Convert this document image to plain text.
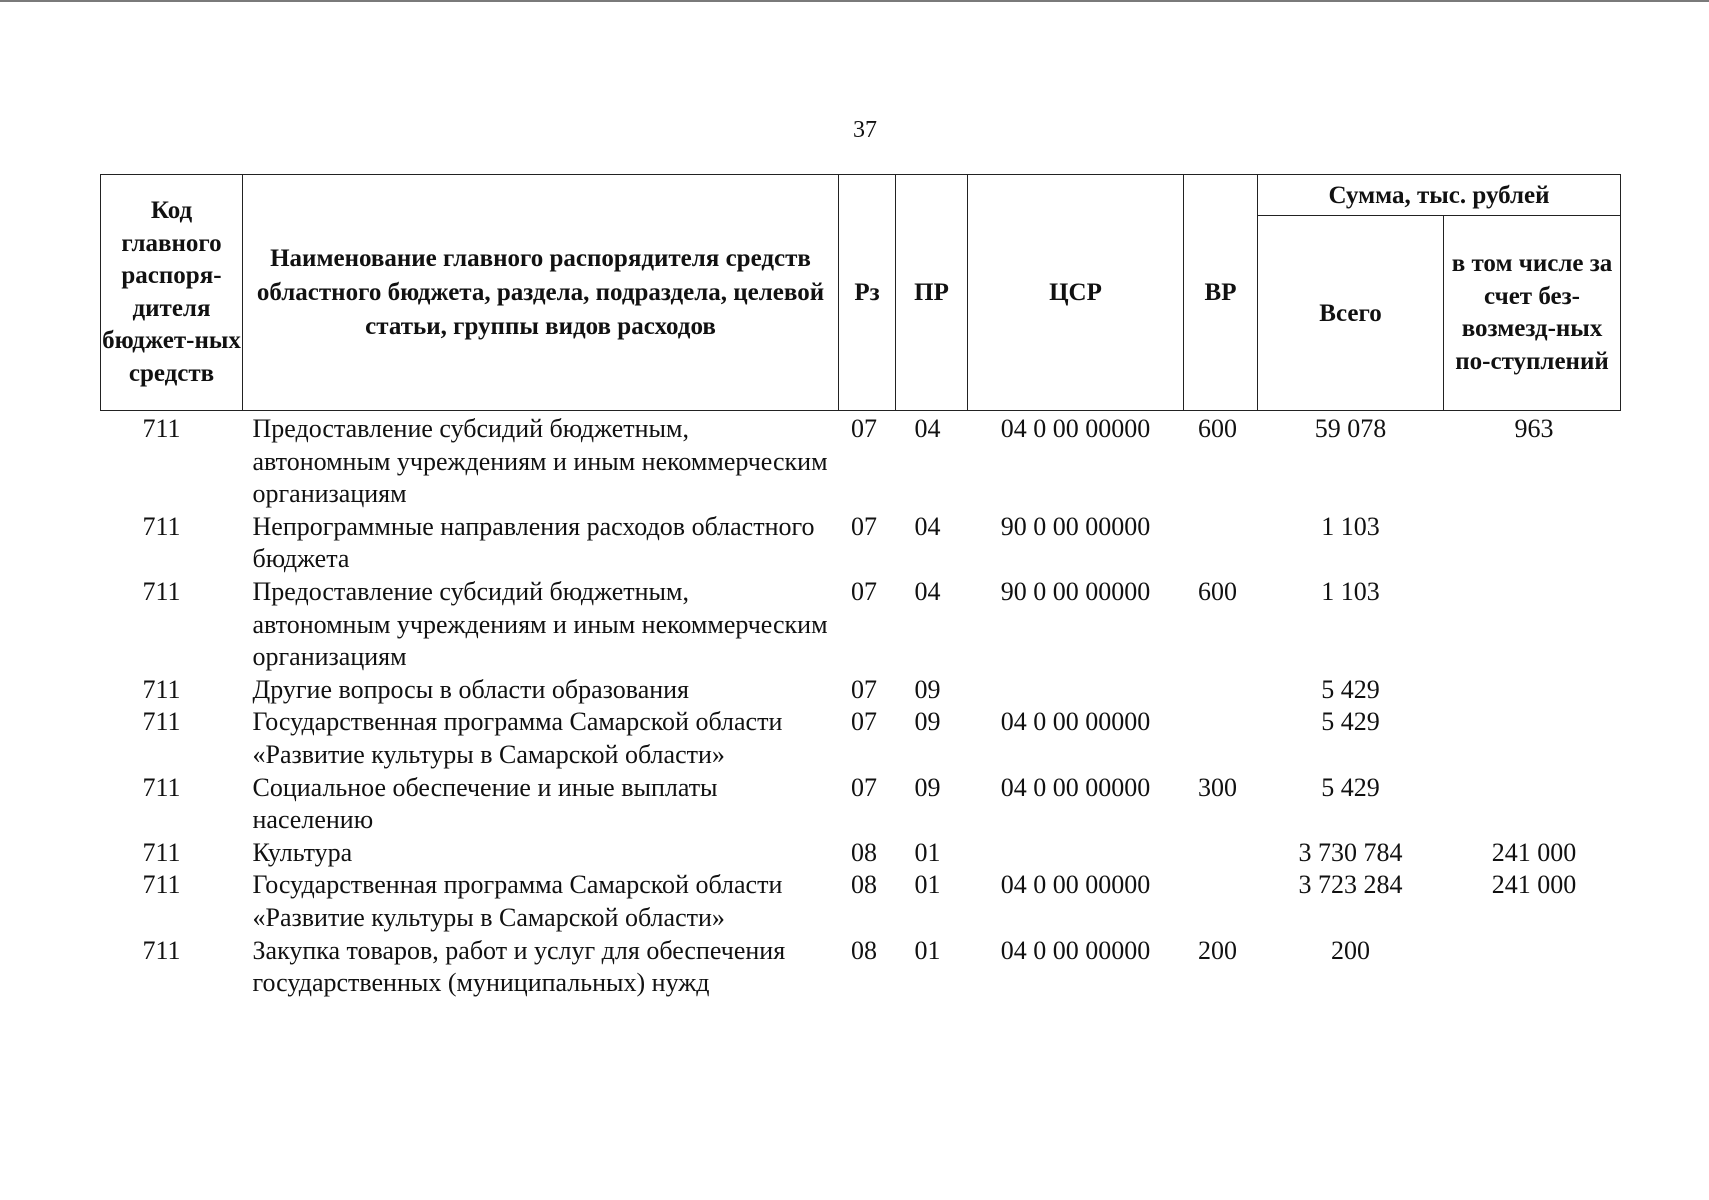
37
Код главного распоря-дителя бюджет-ных средств	Наименование главного распорядителя средств областного бюджета, раздела, подраздела, целевой статьи, группы видов расходов	Рз	ПР	ЦСР	ВР	Сумма, тыс. рублей	
						Всего	в том числе за счет без-возмезд-ных по-ступлений
711	Предоставление субсидий бюджетным, автономным учреждениям и иным некоммерческим организациям	07	04	04 0 00 00000	600	59 078	963
711	Непрограммные направления расходов областного бюджета	07	04	90 0 00 00000		1 103	
711	Предоставление субсидий бюджетным, автономным учреждениям и иным некоммерческим организациям	07	04	90 0 00 00000	600	1 103	
711	Другие вопросы в области образования	07	09			5 429	
711	Государственная программа Самарской области «Развитие культуры в Самарской области»	07	09	04 0 00 00000		5 429	
711	Социальное обеспечение и иные выплаты населению	07	09	04 0 00 00000	300	5 429	
711	Культура	08	01			3 730 784	241 000
711	Государственная программа Самарской области «Развитие культуры в Самарской области»	08	01	04 0 00 00000		3 723 284	241 000
711	Закупка товаров, работ и услуг для обеспечения государственных (муниципальных) нужд	08	01	04 0 00 00000	200	200	
